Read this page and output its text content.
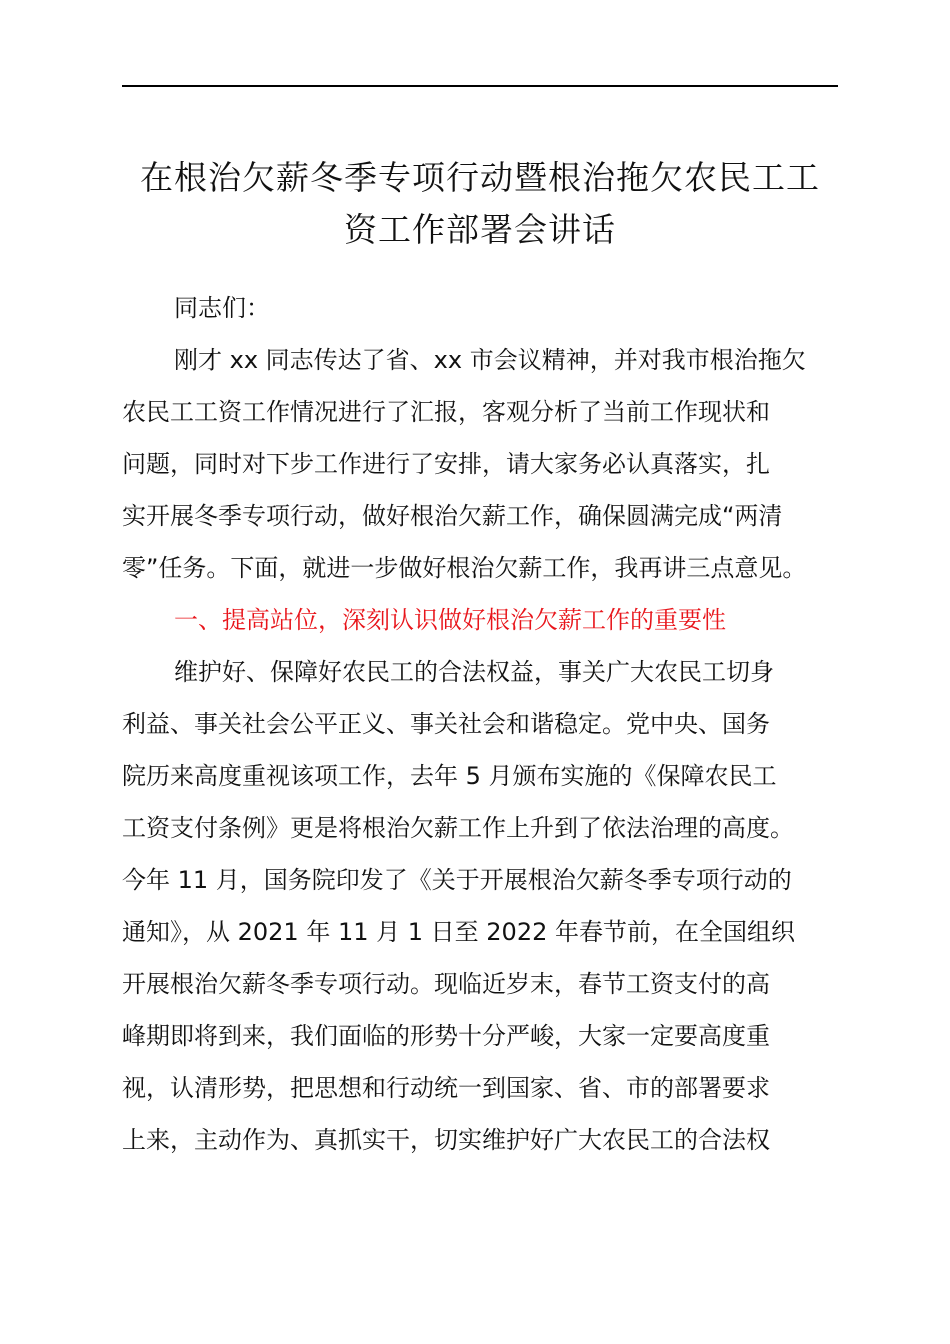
在根治欠薪冬季专项行动暨根治拖欠农民工工
资工作部署会讲话
同志们：
刚才 xx 同志传达了省、xx 市会议精神，并对我市根治拖欠
农民工工资工作情况进行了汇报，客观分析了当前工作现状和
问题，同时对下步工作进行了安排，请大家务必认真落实，扎
实开展冬季专项行动，做好根治欠薪工作，确保圆满完成“两清
零”任务。下面，就进一步做好根治欠薪工作，我再讲三点意见。
一、提高站位，深刻认识做好根治欠薪工作的重要性
维护好、保障好农民工的合法权益，事关广大农民工切身
利益、事关社会公平正义、事关社会和谐稳定。党中央、国务
院历来高度重视该项工作，去年 5 月颁布实施的《保障农民工
工资支付条例》更是将根治欠薪工作上升到了依法治理的高度。
今年 11 月，国务院印发了《关于开展根治欠薪冬季专项行动的
通知》，从 2021 年 11 月 1 日至 2022 年春节前，在全国组织
开展根治欠薪冬季专项行动。现临近岁末，春节工资支付的高
峰期即将到来，我们面临的形势十分严峻，大家一定要高度重
视，认清形势，把思想和行动统一到国家、省、市的部署要求
上来，主动作为、真抓实干，切实维护好广大农民工的合法权
